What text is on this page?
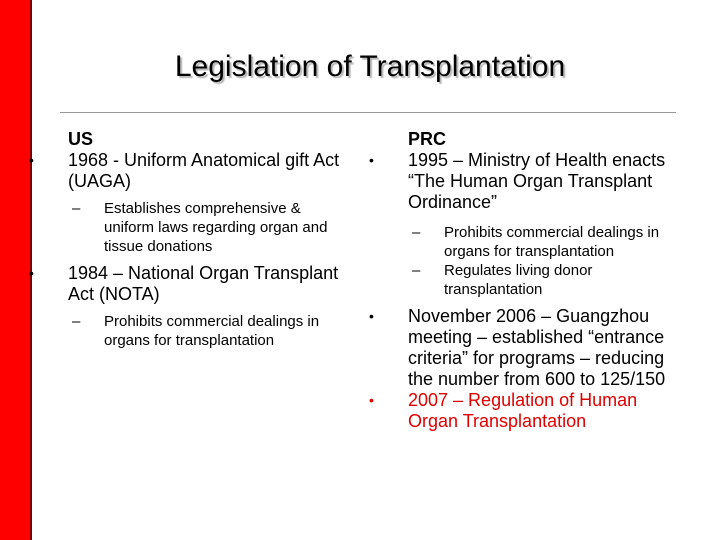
Legislation of Transplantation
US
• 1968 - Uniform Anatomical gift Act (UAGA)
– Establishes comprehensive & uniform laws regarding organ and tissue donations
• 1984 – National Organ Transplant Act (NOTA)
– Prohibits commercial dealings in organs for transplantation
PRC
• 1995 – Ministry of Health enacts “The Human Organ Transplant Ordinance”
– Prohibits commercial dealings in organs for transplantation
– Regulates living donor transplantation
• November 2006 – Guangzhou meeting – established “entrance criteria” for programs – reducing the number from 600 to 125/150
• 2007 – Regulation of Human Organ Transplantation
